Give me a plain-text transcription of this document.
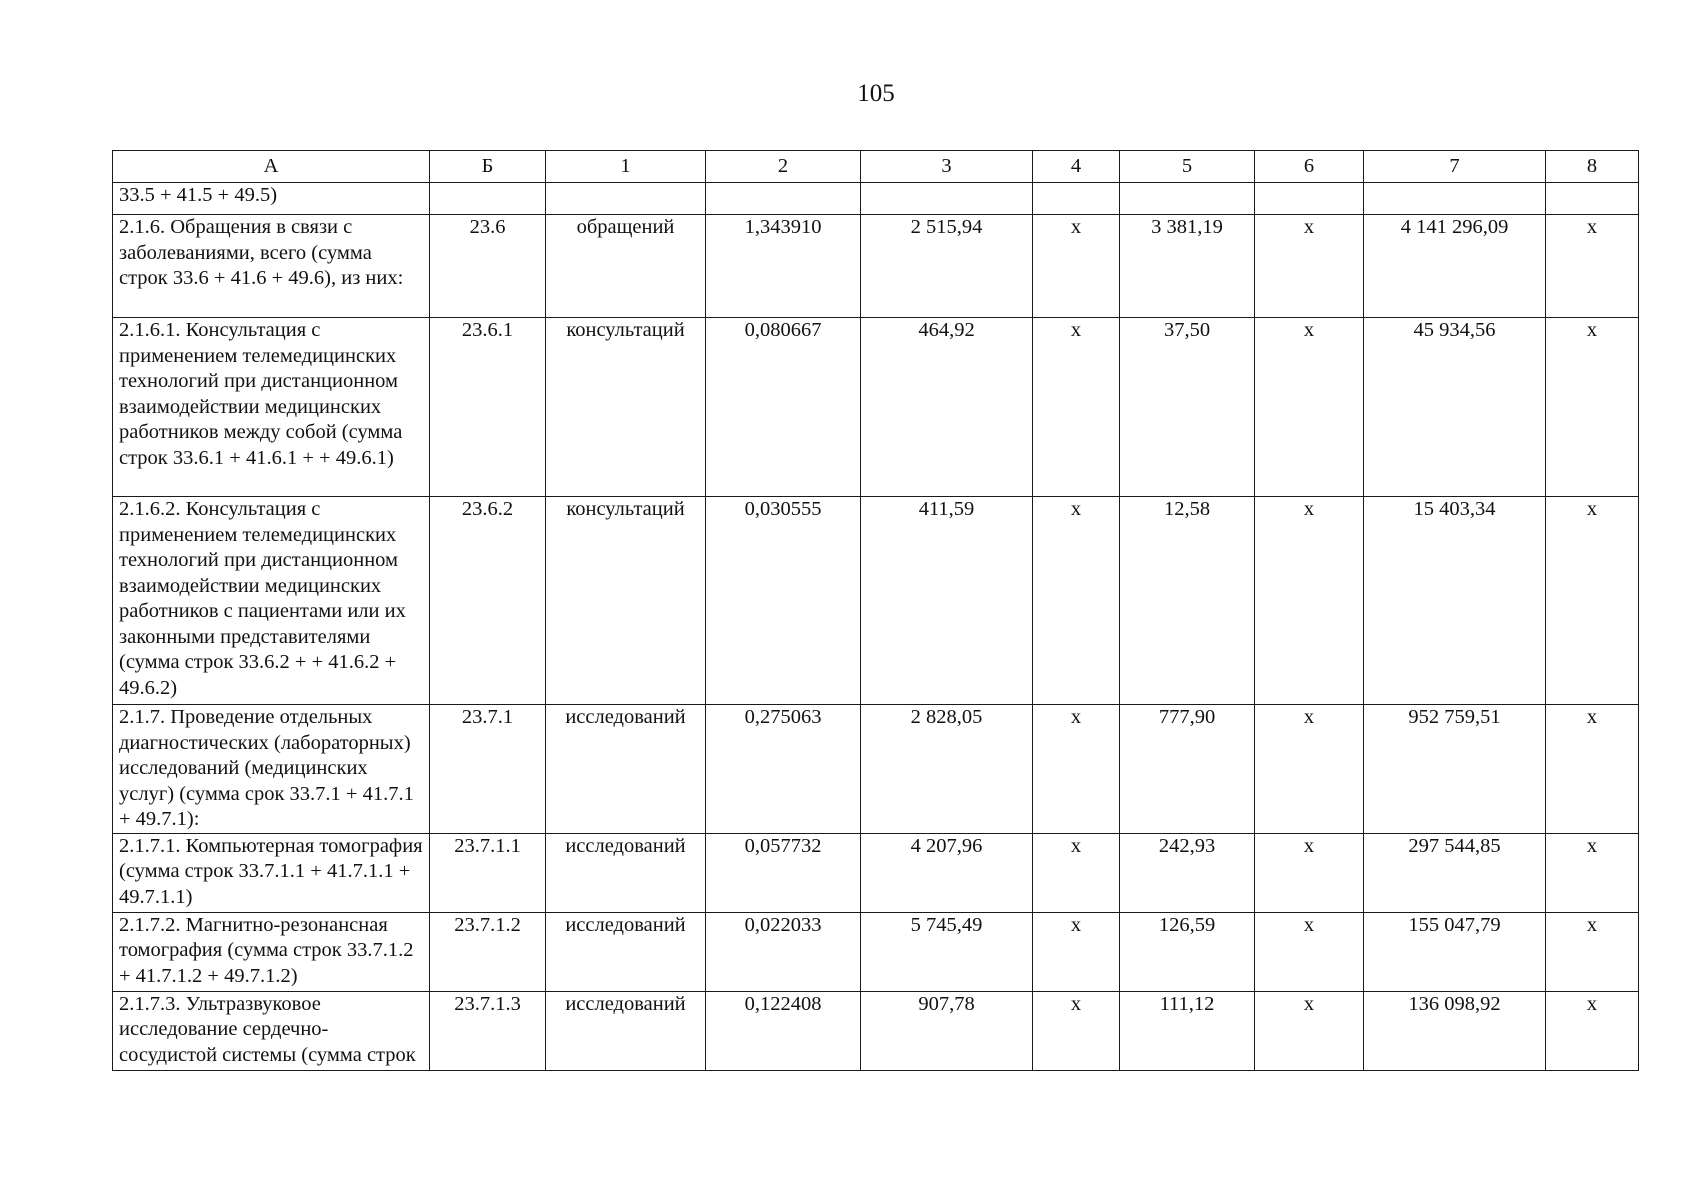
105
А	Б	1	2	3	4	5	6	7	8
33.5 + 41.5 + 49.5)									
2.1.6. Обращения в связи с заболеваниями, всего (сумма строк 33.6 + 41.6 + 49.6), из них:	23.6	обращений	1,343910	2 515,94	х	3 381,19	х	4 141 296,09	х
2.1.6.1. Консультация с применением телемедицинских технологий при дистанционном взаимодействии медицинских работников между собой (сумма строк 33.6.1 + 41.6.1 + + 49.6.1)	23.6.1	консультаций	0,080667	464,92	х	37,50	х	45 934,56	х
2.1.6.2. Консультация с применением телемедицинских технологий при дистанционном взаимодействии медицинских работников с пациентами или их законными представителями (сумма строк 33.6.2 + + 41.6.2 + 49.6.2)	23.6.2	консультаций	0,030555	411,59	х	12,58	х	15 403,34	х
2.1.7. Проведение отдельных диагностических (лабораторных) исследований (медицинских услуг) (сумма срок 33.7.1 + 41.7.1 + 49.7.1):	23.7.1	исследований	0,275063	2 828,05	х	777,90	х	952 759,51	х
2.1.7.1. Компьютерная томография (сумма строк 33.7.1.1 + 41.7.1.1 + 49.7.1.1)	23.7.1.1	исследований	0,057732	4 207,96	х	242,93	х	297 544,85	х
2.1.7.2. Магнитно-резонансная томография (сумма строк 33.7.1.2 + 41.7.1.2 + 49.7.1.2)	23.7.1.2	исследований	0,022033	5 745,49	х	126,59	х	155 047,79	х
2.1.7.3. Ультразвуковое исследование сердечно-сосудистой системы (сумма строк	23.7.1.3	исследований	0,122408	907,78	х	111,12	х	136 098,92	х
